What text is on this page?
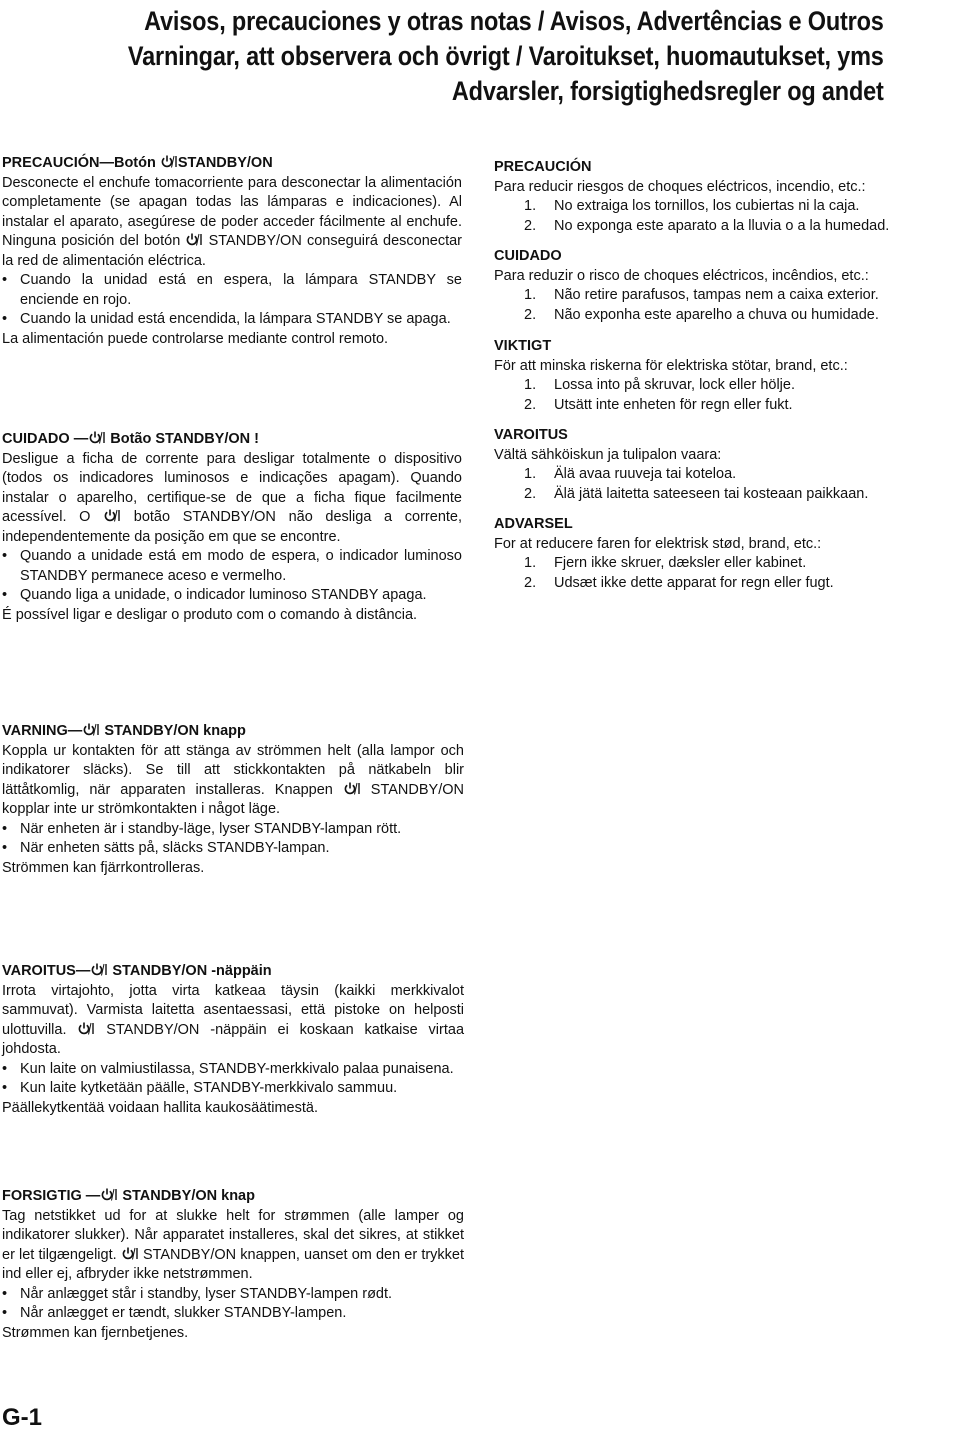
Avisos, precauciones y otras notas / Avisos, Advertências e Outros
Varningar, att observera och övrigt / Varoitukset, huomautukset, yms
Advarsler, forsigtighedsregler og andet
PRECAUCIÓN—Botón STANDBY/ON

Desconecte el enchufe tomacorriente para desconectar la alimentación completamente (se apagan todas las lámparas e indicaciones). Al instalar el aparato, asegúrese de poder acceder fácilmente al enchufe. Ninguna posición del botón STANDBY/ON conseguirá desconectar la red de alimentación eléctrica.

• Cuando la unidad está en espera, la lámpara STANDBY se enciende en rojo.
• Cuando la unidad está encendida, la lámpara STANDBY se apaga.

La alimentación puede controlarse mediante control remoto.

CUIDADO — Botão STANDBY/ON !

Desligue a ficha de corrente para desligar totalmente o dispositivo (todos os indicadores luminosos e indicações apagam). Quando instalar o aparelho, certifique-se de que a ficha fique facilmente acessível. O	botão STANDBY/ON não desliga a corrente, independentemente da posição em que se encontre.

• Quando a unidade está em modo de espera, o indicador luminoso STANDBY permanece aceso e vermelho.
• Quando liga a unidade, o indicador luminoso STANDBY apaga.

É possível ligar e desligar o produto com o comando à distância.

PRECAUCIÓN

Para reducir riesgos de choques eléctricos, incendio, etc.:

1. No extraiga los tornillos, los cubiertas ni la caja.
2. No exponga este aparato a la lluvia o a la humedad.
CUIDADO

Para reduzir o risco de choques eléctricos, incêndios, etc.:

1. Não retire parafusos, tampas nem a caixa exterior.
2. Não exponha este aparelho a chuva ou humidade.
VIKTIGT

För att minska riskerna för elektriska stötar, brand, etc.:

1. Lossa into på skruvar, lock eller hölje.
2. Utsätt inte enheten för regn eller fukt.
VAROITUS

Vältä sähköiskun ja tulipalon vaara:

1. Älä avaa ruuveja tai koteloa.
2. Älä jätä laitetta sateeseen tai kosteaan paikkaan.
ADVARSEL

For at reducere faren for elektrisk stød, brand, etc.:

1. Fjern ikke skruer, dæksler eller kabinet.
2. Udsæt ikke dette apparat for regn eller fugt.
VARNING— STANDBY/ON knapp

Koppla ur kontakten för att stänga av strömmen helt (alla lampor och indikatorer släcks). Se till att stickkontakten på nätkabeln blir lättåtkomlig, när apparaten installeras. Knappen	STANDBY/ON kopplar inte ur strömkontakten i något läge.

• När enheten är i standby-läge, lyser STANDBY-lampan rött.
• När enheten sätts på, släcks STANDBY-lampan.

Strömmen kan fjärrkontrolleras.

VAROITUS— STANDBY/ON -näppäin

Irrota virtajohto, jotta virta katkeaa täysin (kaikki merkkivalot sammuvat). Varmista laitetta asentaessasi, että pistoke on helposti ulottuvilla.	STANDBY/ON -näppäin ei koskaan katkaise virtaa johdosta.

• Kun laite on valmiustilassa, STANDBY-merkkivalo palaa punaisena.
• Kun laite kytketään päälle, STANDBY-merkkivalo sammuu.

Päällekytkentää voidaan hallita kaukosäätimestä.

FORSIGTIG — STANDBY/ON knap

Tag netstikket ud for at slukke helt for strømmen (alle lamper og indikatorer slukker). Når apparatet installeres, skal det sikres, at stikket er let tilgængeligt. STANDBY/ON knappen, uanset om den er trykket ind eller ej, afbryder ikke netstrømmen.

• Når anlægget står i standby, lyser STANDBY-lampen rødt.
• Når anlægget er tændt, slukker STANDBY-lampen.

Strømmen kan fjernbetjenes.

G-1
